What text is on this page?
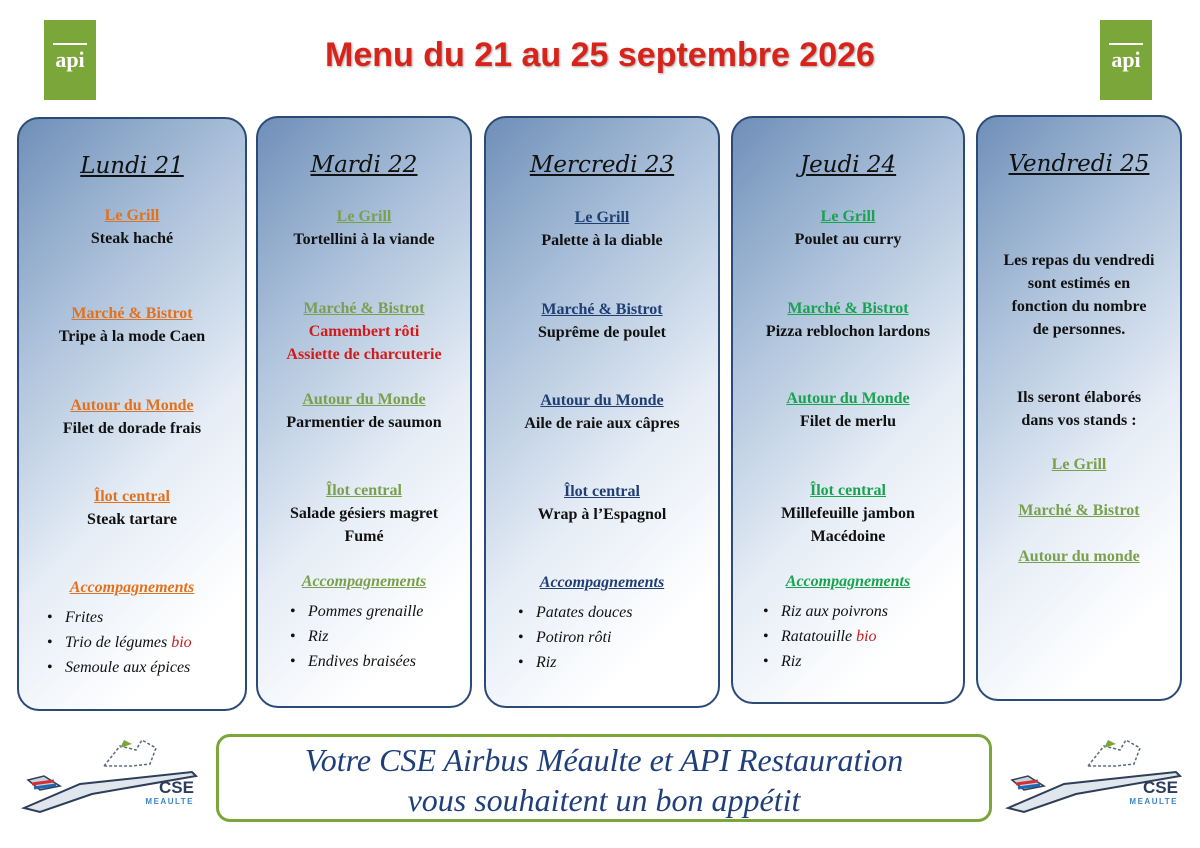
api	api
Menu du 21 au 25 septembre 2026
Lundi 21
Le Grill
Steak haché
Marché & Bistrot
Tripe à la mode Caen
Autour du Monde
Filet de dorade frais
Îlot central
Steak tartare
Accompagnements
• Frites
• Trio de légumes bio
• Semoule aux épices
Mardi 22
Le Grill
Tortellini à la viande
Marché & Bistrot
Camembert rôti
Assiette de charcuterie
Autour du Monde
Parmentier de saumon
Îlot central
Salade gésiers magret
Fumé
Accompagnements
• Pommes grenaille
• Riz
• Endives braisées
Mercredi 23
Le Grill
Palette à la diable
Marché & Bistrot
Suprême de poulet
Autour du Monde
Aile de raie aux câpres
Îlot central
Wrap à l’Espagnol
Accompagnements
• Patates douces
• Potiron rôti
• Riz
Jeudi 24
Le Grill
Poulet au curry
Marché & Bistrot
Pizza reblochon lardons
Autour du Monde
Filet de merlu
Îlot central
Millefeuille jambon
Macédoine
Accompagnements
• Riz aux poivrons
• Ratatouille bio
• Riz
Vendredi 25
Les repas du vendredi
sont estimés en
fonction du nombre
de personnes.
Ils seront élaborés
dans vos stands :
Le Grill
Marché & Bistrot
Autour du monde
CSE
MEAULTE
CSE
MEAULTE
Votre CSE Airbus Méaulte et API Restauration
vous souhaitent un bon appétit
